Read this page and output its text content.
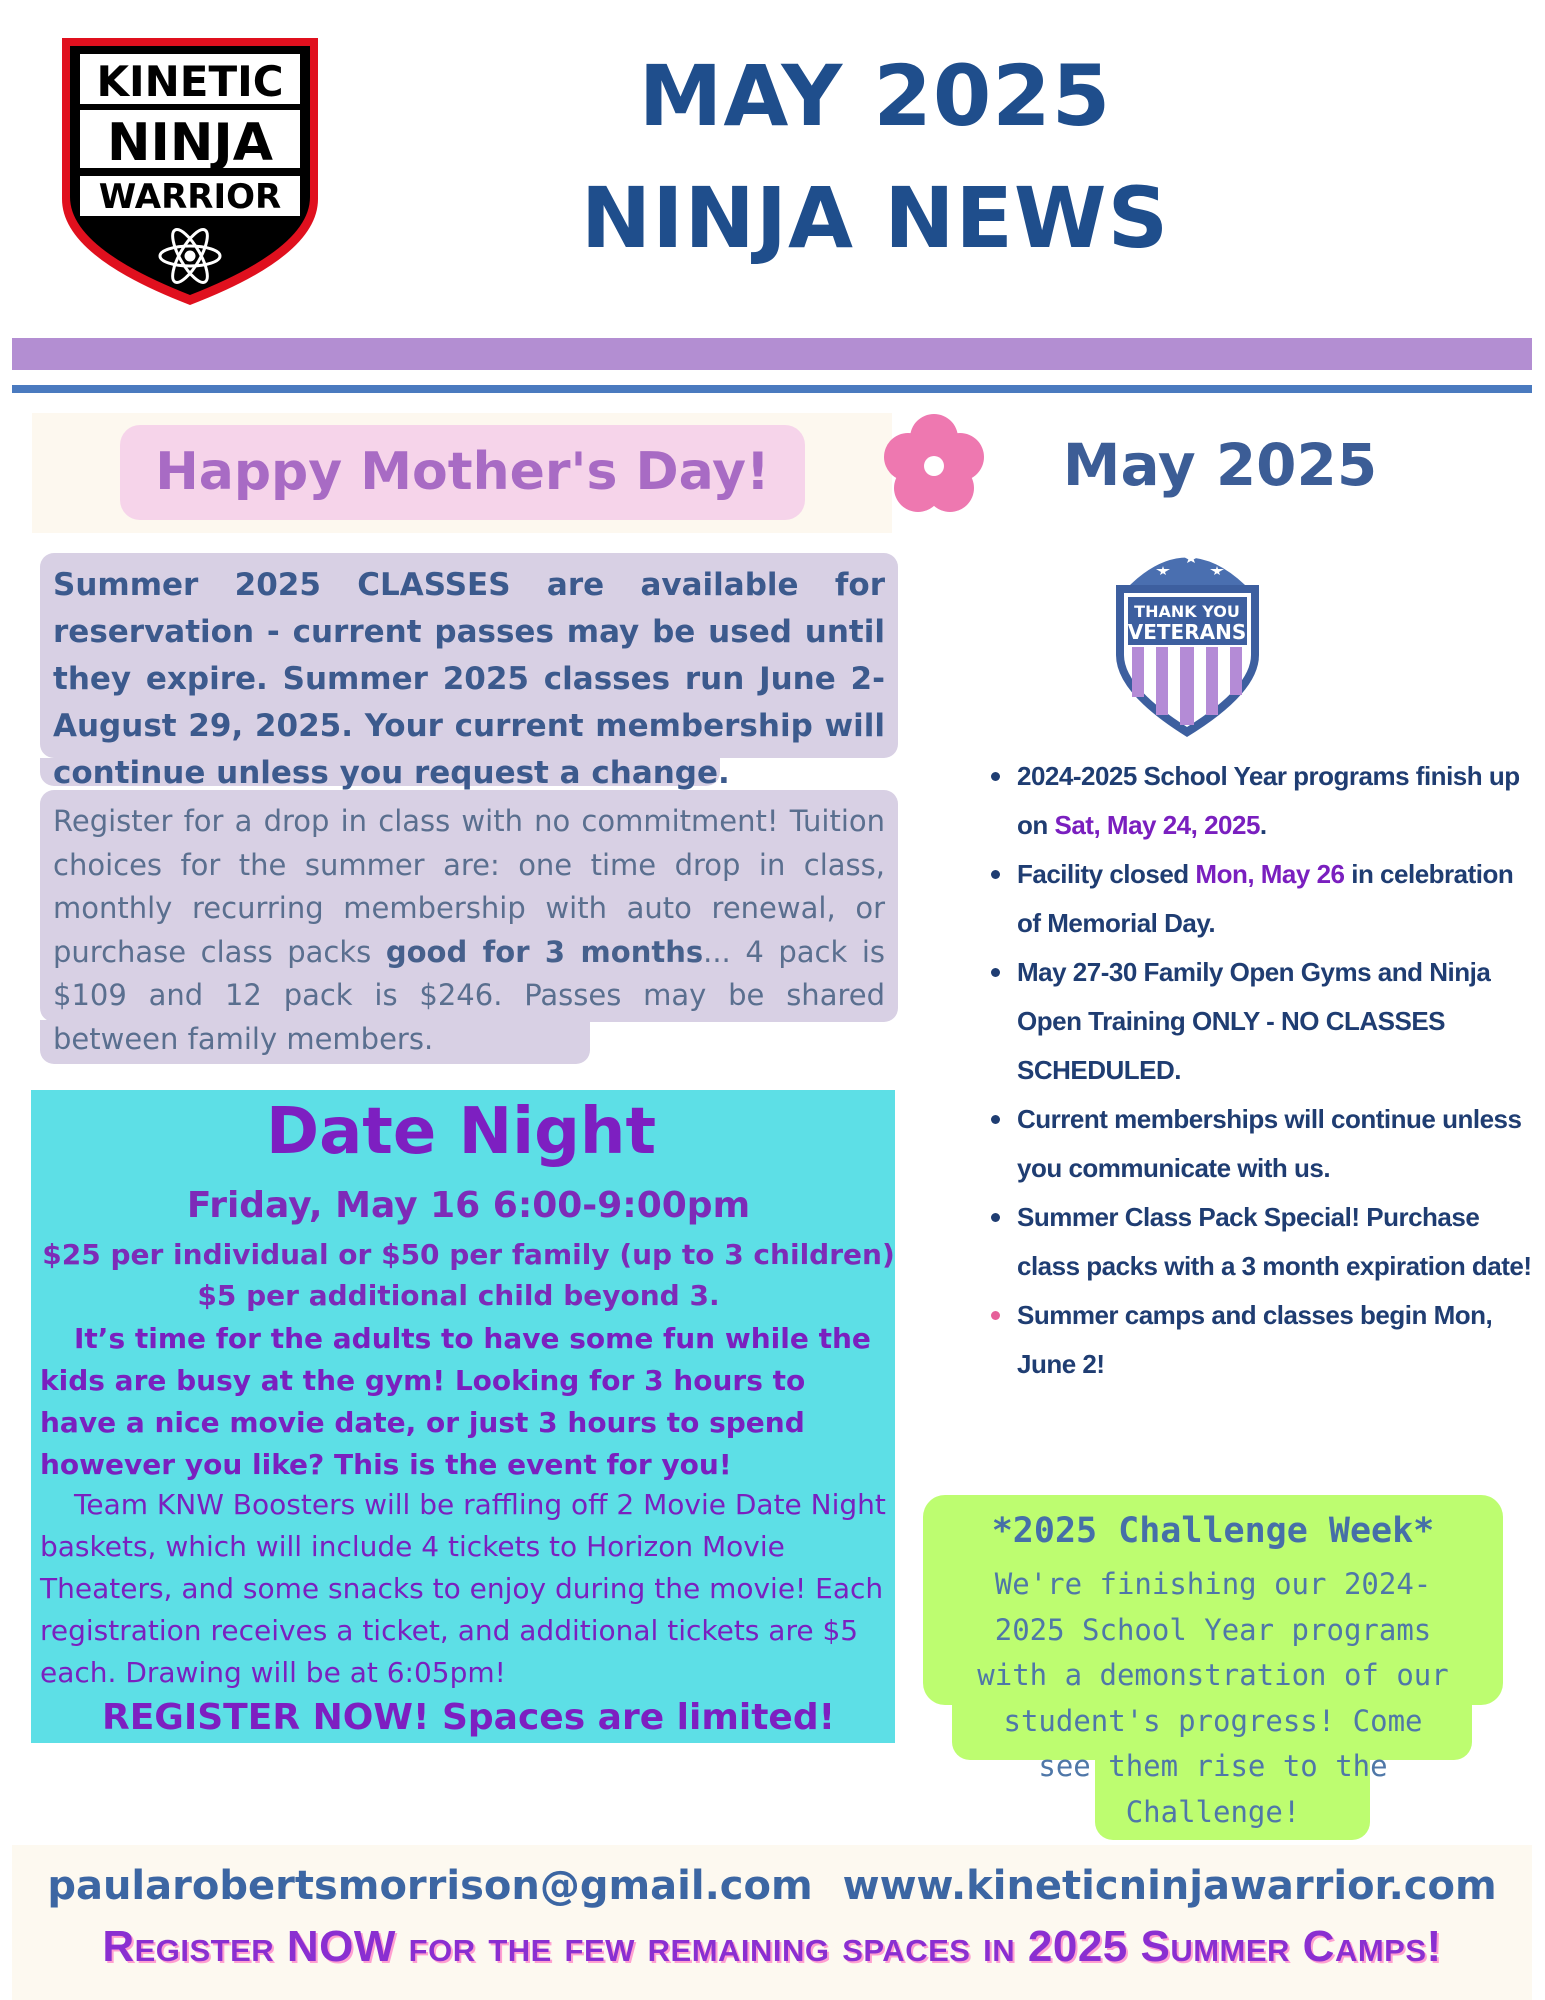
KINETIC
NINJA
WARRIOR
MAY 2025
NINJA NEWS
Happy Mother's Day!
Summer 2025 CLASSES are available for reservation - current passes may be used until they expire. Summer 2025 classes run June 2-August 29, 2025. Your current membership will continue unless you request a change.
Register for a drop in class with no commitment! Tuition choices for the summer are: one time drop in class, monthly recurring membership with auto renewal, or purchase class packs good for 3 months... 4 pack is $109 and 12 pack is $246. Passes may be shared between family members.
Date Night
Friday, May 16 6:00-9:00pm
$25 per individual or $50 per family (up to 3 children)
$5 per additional child beyond 3.
It’s time for the adults to have some fun while the kids are busy at the gym! Looking for 3 hours to have a nice movie date, or just 3 hours to spend however you like? This is the event for you!
Team KNW Boosters will be raffling off 2 Movie Date Night baskets, which will include 4 tickets to Horizon Movie Theaters, and some snacks to enjoy during the movie! Each registration receives a ticket, and additional tickets are $5 each. Drawing will be at 6:05pm!
REGISTER NOW! Spaces are limited!
May 2025
THANK YOU
VETERANS
2024-2025 School Year programs finish up on Sat, May 24, 2025.
Facility closed Mon, May 26 in celebration of Memorial Day.
May 27-30 Family Open Gyms and Ninja Open Training ONLY - NO CLASSES SCHEDULED.
Current memberships will continue unless you communicate with us.
Summer Class Pack Special! Purchase class packs with a 3 month expiration date!
Summer camps and classes begin Mon, June 2!
*2025 Challenge Week*
We're finishing our 2024-
2025 School Year programs
with a demonstration of our
student's progress! Come
see them rise to the
Challenge!
paularobertsmorrison@gmail.com www.kineticninjawarrior.com
Register NOW for the few remaining spaces in 2025 Summer Camps!
